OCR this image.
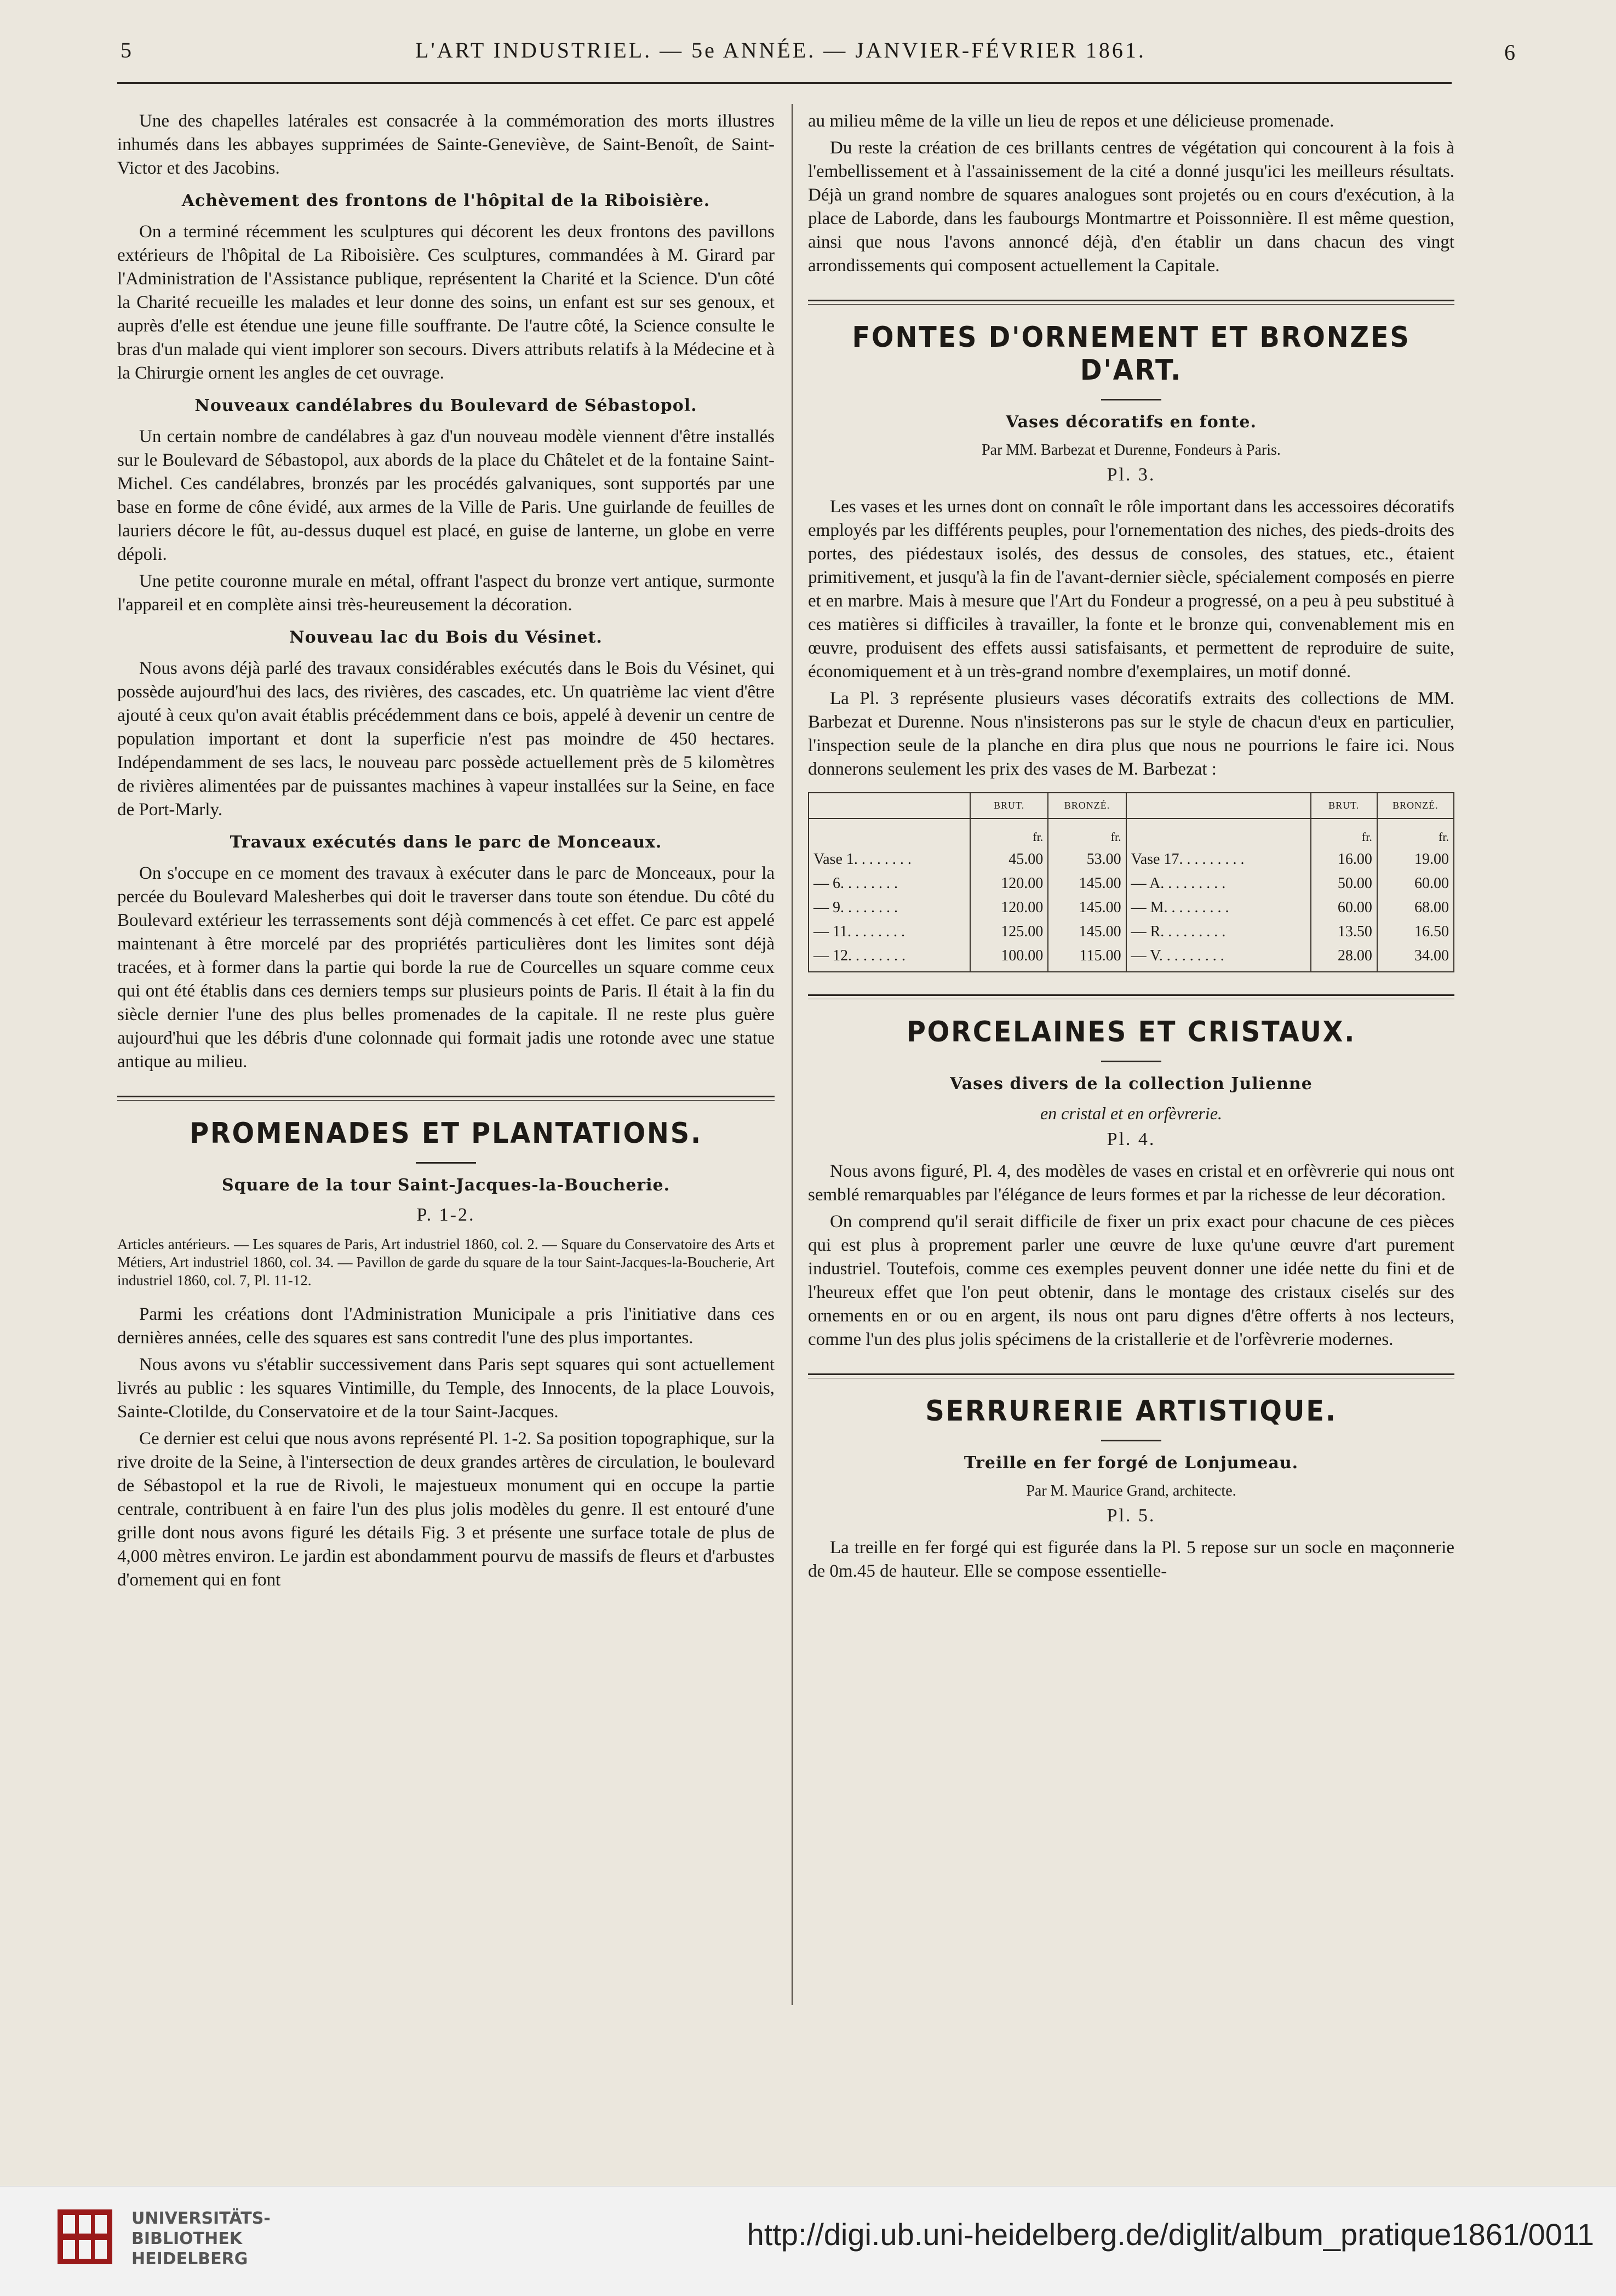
5	L'ART INDUSTRIEL. — 5e ANNÉE. — JANVIER-FÉVRIER 1861.	6

Une des chapelles latérales est consacrée à la commémoration des morts illustres inhumés dans les abbayes supprimées de Sainte-Geneviève, de Saint-Benoît, de Saint-Victor et des Jacobins.

Achèvement des frontons de l'hôpital de la Riboisière.

On a terminé récemment les sculptures qui décorent les deux frontons des pavillons extérieurs de l'hôpital de La Riboisière. Ces sculptures, commandées à M. Girard par l'Administration de l'Assistance publique, représentent la Charité et la Science. D'un côté la Charité recueille les malades et leur donne des soins, un enfant est sur ses genoux, et auprès d'elle est étendue une jeune fille souffrante. De l'autre côté, la Science consulte le bras d'un malade qui vient implorer son secours. Divers attributs relatifs à la Médecine et à la Chirurgie ornent les angles de cet ouvrage.

Nouveaux candélabres du Boulevard de Sébastopol.

Un certain nombre de candélabres à gaz d'un nouveau modèle viennent d'être installés sur le Boulevard de Sébastopol, aux abords de la place du Châtelet et de la fontaine Saint-Michel. Ces candélabres, bronzés par les procédés galvaniques, sont supportés par une base en forme de cône évidé, aux armes de la Ville de Paris. Une guirlande de feuilles de lauriers décore le fût, au-dessus duquel est placé, en guise de lanterne, un globe en verre dépoli.

Une petite couronne murale en métal, offrant l'aspect du bronze vert antique, surmonte l'appareil et en complète ainsi très-heureusement la décoration.

Nouveau lac du Bois du Vésinet.

Nous avons déjà parlé des travaux considérables exécutés dans le Bois du Vésinet, qui possède aujourd'hui des lacs, des rivières, des cascades, etc. Un quatrième lac vient d'être ajouté à ceux qu'on avait établis précédemment dans ce bois, appelé à devenir un centre de population important et dont la superficie n'est pas moindre de 450 hectares. Indépendamment de ses lacs, le nouveau parc possède actuellement près de 5 kilomètres de rivières alimentées par de puissantes machines à vapeur installées sur la Seine, en face de Port-Marly.

Travaux exécutés dans le parc de Monceaux.

On s'occupe en ce moment des travaux à exécuter dans le parc de Monceaux, pour la percée du Boulevard Malesherbes qui doit le traverser dans toute son étendue. Du côté du Boulevard extérieur les terrassements sont déjà commencés à cet effet. Ce parc est appelé maintenant à être morcelé par des propriétés particulières dont les limites sont déjà tracées, et à former dans la partie qui borde la rue de Courcelles un square comme ceux qui ont été établis dans ces derniers temps sur plusieurs points de Paris. Il était à la fin du siècle dernier l'une des plus belles promenades de la capitale. Il ne reste plus guère aujourd'hui que les débris d'une colonnade qui formait jadis une rotonde avec une statue antique au milieu.

PROMENADES ET PLANTATIONS.
Square de la tour Saint-Jacques-la-Boucherie.
P. 1-2.
Articles antérieurs. — Les squares de Paris, Art industriel 1860, col. 2. — Square du Conservatoire des Arts et Métiers, Art industriel 1860, col. 34. — Pavillon de garde du square de la tour Saint-Jacques-la-Boucherie, Art industriel 1860, col. 7, Pl. 11-12.

Parmi les créations dont l'Administration Municipale a pris l'initiative dans ces dernières années, celle des squares est sans contredit l'une des plus importantes.

Nous avons vu s'établir successivement dans Paris sept squares qui sont actuellement livrés au public : les squares Vintimille, du Temple, des Innocents, de la place Louvois, Sainte-Clotilde, du Conservatoire et de la tour Saint-Jacques.

Ce dernier est celui que nous avons représenté Pl. 1-2. Sa position topographique, sur la rive droite de la Seine, à l'intersection de deux grandes artères de circulation, le boulevard de Sébastopol et la rue de Rivoli, le majestueux monument qui en occupe la partie centrale, contribuent à en faire l'un des plus jolis modèles du genre. Il est entouré d'une grille dont nous avons figuré les détails Fig. 3 et présente une surface totale de plus de 4,000 mètres environ. Le jardin est abondamment pourvu de massifs de fleurs et d'arbustes d'ornement qui en font

au milieu même de la ville un lieu de repos et une délicieuse promenade.

Du reste la création de ces brillants centres de végétation qui concourent à la fois à l'embellissement et à l'assainissement de la cité a donné jusqu'ici les meilleurs résultats. Déjà un grand nombre de squares analogues sont projetés ou en cours d'exécution, à la place de Laborde, dans les faubourgs Montmartre et Poissonnière. Il est même question, ainsi que nous l'avons annoncé déjà, d'en établir un dans chacun des vingt arrondissements qui composent actuellement la Capitale.

FONTES D'ORNEMENT ET BRONZES D'ART.
Vases décoratifs en fonte.
Par MM. Barbezat et Durenne, Fondeurs à Paris.
Pl. 3.

Les vases et les urnes dont on connaît le rôle important dans les accessoires décoratifs employés par les différents peuples, pour l'ornementation des niches, des pieds-droits des portes, des piédestaux isolés, des dessus de consoles, des statues, etc., étaient primitivement, et jusqu'à la fin de l'avant-dernier siècle, spécialement composés en pierre et en marbre. Mais à mesure que l'Art du Fondeur a progressé, on a peu à peu substitué à ces matières si difficiles à travailler, la fonte et le bronze qui, convenablement mis en œuvre, produisent des effets aussi satisfaisants, et permettent de reproduire de suite, économiquement et à un très-grand nombre d'exemplaires, un motif donné.

La Pl. 3 représente plusieurs vases décoratifs extraits des collections de MM. Barbezat et Durenne. Nous n'insisterons pas sur le style de chacun d'eux en particulier, l'inspection seule de la planche en dira plus que nous ne pourrions le faire ici. Nous donnerons seulement les prix des vases de M. Barbezat :

	BRUT.	BRONZÉ.		BRUT.	BRONZÉ.
	fr.	fr.		fr.	fr.
Vase 1. . . . . . . .	45.00	53.00	Vase 17. . . . . . . . .	16.00	19.00
— 6. . . . . . . .	120.00	145.00	— A. . . . . . . . .	50.00	60.00
— 9. . . . . . . .	120.00	145.00	— M. . . . . . . . .	60.00	68.00
— 11. . . . . . . .	125.00	145.00	— R. . . . . . . . .	13.50	16.50
— 12. . . . . . . .	100.00	115.00	— V. . . . . . . . .	28.00	34.00
PORCELAINES ET CRISTAUX.
Vases divers de la collection Julienne
en cristal et en orfèvrerie.
Pl. 4.

Nous avons figuré, Pl. 4, des modèles de vases en cristal et en orfèvrerie qui nous ont semblé remarquables par l'élégance de leurs formes et par la richesse de leur décoration.

On comprend qu'il serait difficile de fixer un prix exact pour chacune de ces pièces qui est plus à proprement parler une œuvre de luxe qu'une œuvre d'art purement industriel. Toutefois, comme ces exemples peuvent donner une idée nette du fini et de l'heureux effet que l'on peut obtenir, dans le montage des cristaux ciselés sur des ornements en or ou en argent, ils nous ont paru dignes d'être offerts à nos lecteurs, comme l'un des plus jolis spécimens de la cristallerie et de l'orfèvrerie modernes.

SERRURERIE ARTISTIQUE.
Treille en fer forgé de Lonjumeau.
Par M. Maurice Grand, architecte.
Pl. 5.

La treille en fer forgé qui est figurée dans la Pl. 5 repose sur un socle en maçonnerie de 0m.45 de hauteur. Elle se compose essentielle-

UNIVERSITÄTS-
BIBLIOTHEK
HEIDELBERG
http://digi.ub.uni-heidelberg.de/diglit/album_pratique1861/0011
